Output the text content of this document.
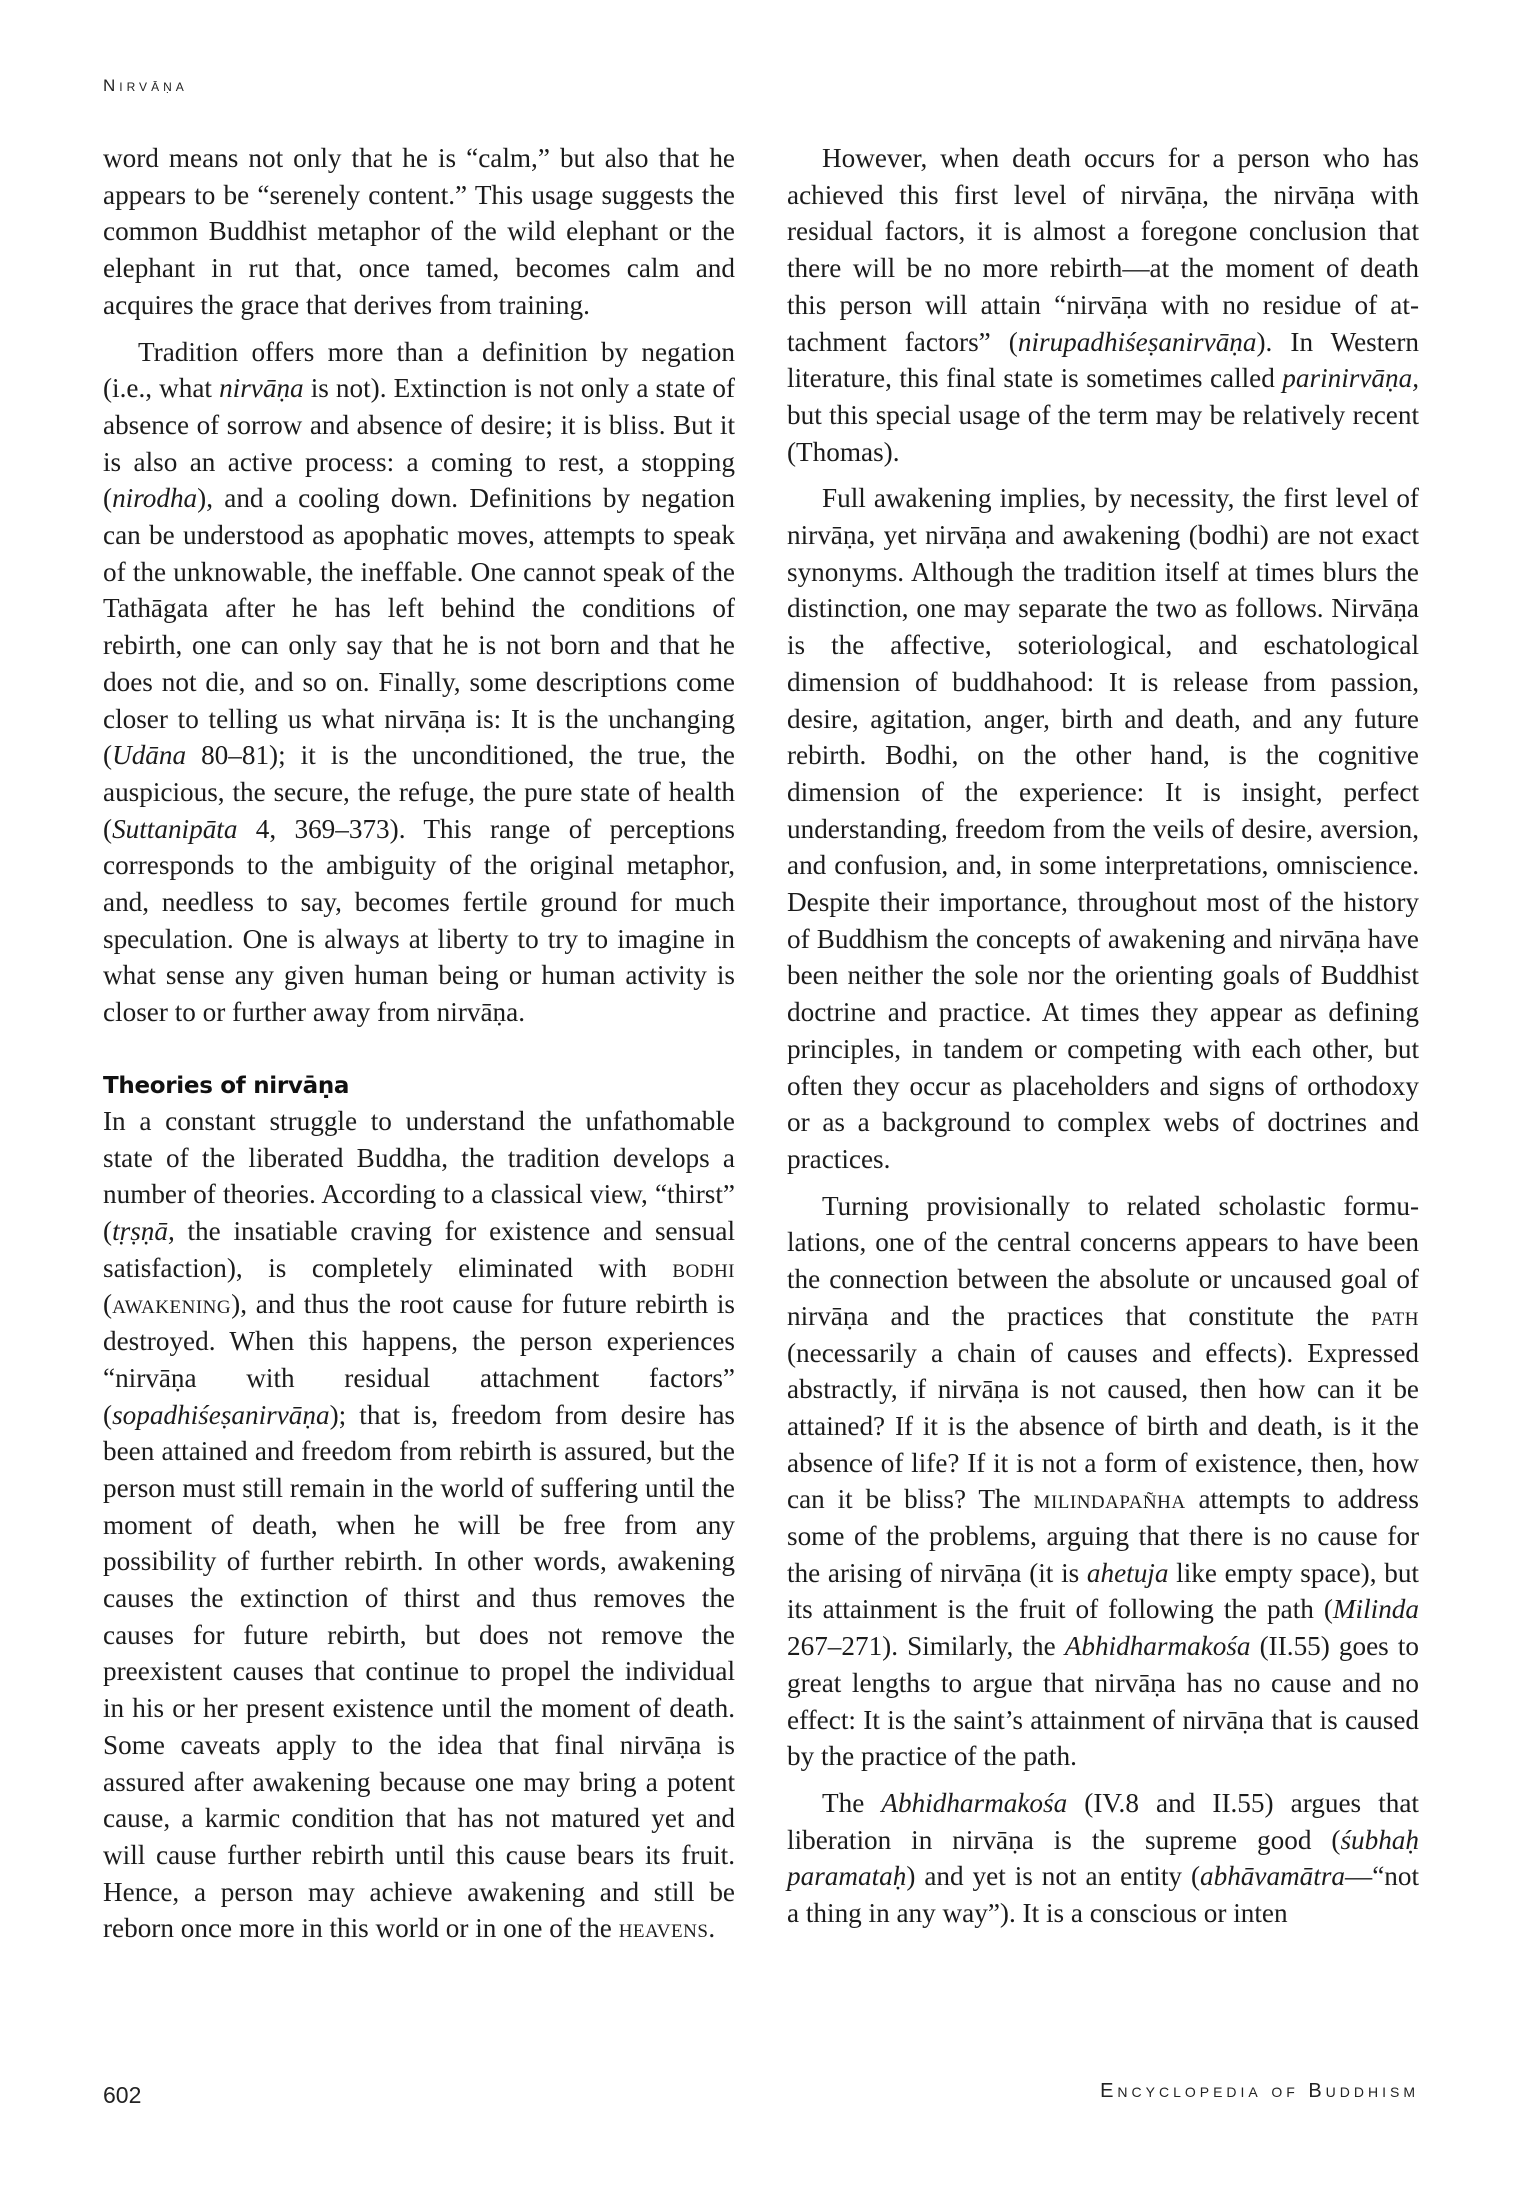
Nirvāṇa

word means not only that he is “calm,” but also that he appears to be “serenely content.” This usage suggests the common Buddhist metaphor of the wild elephant or the elephant in rut that, once tamed, becomes calm and acquires the grace that derives from training.

Tradition offers more than a definition by negation (i.e., what nirvāṇa is not). Extinction is not only a state of absence of sorrow and absence of desire; it is bliss. But it is also an active process: a coming to rest, a stopping (nirodha), and a cooling down. Definitions by negation can be understood as apophatic moves, attempts to speak of the unknowable, the ineffable. One cannot speak of the Tathāgata after he has left behind the conditions of rebirth, one can only say that he is not born and that he does not die, and so on. Finally, some descriptions come closer to telling us what nirvāṇa is: It is the unchanging (Udāna 80–81); it is the unconditioned, the true, the auspicious, the secure, the refuge, the pure state of health (Suttanipāta 4, 369–373). This range of perceptions corresponds to the ambiguity of the original metaphor, and, needless to say, becomes fertile ground for much speculation. One is always at liberty to try to imagine in what sense any given human being or human activity is closer to or further away from nirvāṇa.

Theories of nirvāṇa

In a constant struggle to understand the unfathomable state of the liberated Buddha, the tradition develops a number of theories. According to a classical view, “thirst” (tṛṣṇā, the insatiable craving for existence and sensual satisfaction), is completely eliminated with bodhi (awakening), and thus the root cause for future rebirth is destroyed. When this happens, the person experiences “nirvāṇa with residual attachment factors” (sopadhiśeṣanirvāṇa); that is, freedom from desire has been attained and freedom from rebirth is assured, but the person must still remain in the world of suffering until the moment of death, when he will be free from any possibility of further rebirth. In other words, awakening causes the extinction of thirst and thus removes the causes for future rebirth, but does not remove the preexistent causes that continue to propel the individual in his or her present existence until the moment of death. Some caveats apply to the idea that final nirvāṇa is assured after awakening because one may bring a potent cause, a karmic condition that has not matured yet and will cause further rebirth until this cause bears its fruit. Hence, a person may achieve awakening and still be reborn once more in this world or in one of the heavens.

However, when death occurs for a person who has achieved this first level of nirvāṇa, the nirvāṇa with residual factors, it is almost a foregone conclusion that there will be no more rebirth—at the moment of death this person will attain “nirvāṇa with no residue of attachment factors” (nirupadhiśeṣanirvāṇa). In Western literature, this final state is sometimes called parinirvāṇa, but this special usage of the term may be relatively recent (Thomas).

Full awakening implies, by necessity, the first level of nirvāṇa, yet nirvāṇa and awakening (bodhi) are not exact synonyms. Although the tradition itself at times blurs the distinction, one may separate the two as follows. Nirvāṇa is the affective, soteriological, and eschatological dimension of buddhahood: It is release from passion, desire, agitation, anger, birth and death, and any future rebirth. Bodhi, on the other hand, is the cognitive dimension of the experience: It is insight, perfect understanding, freedom from the veils of desire, aversion, and confusion, and, in some interpretations, omniscience. Despite their importance, throughout most of the history of Buddhism the concepts of awakening and nirvāṇa have been neither the sole nor the orienting goals of Buddhist doctrine and practice. At times they appear as defining principles, in tandem or competing with each other, but often they occur as placeholders and signs of orthodoxy or as a background to complex webs of doctrines and practices.

Turning provisionally to related scholastic formulations, one of the central concerns appears to have been the connection between the absolute or uncaused goal of nirvāṇa and the practices that constitute the path (necessarily a chain of causes and effects). Expressed abstractly, if nirvāṇa is not caused, then how can it be attained? If it is the absence of birth and death, is it the absence of life? If it is not a form of existence, then, how can it be bliss? The milindapañha attempts to address some of the problems, arguing that there is no cause for the arising of nirvāṇa (it is ahetuja like empty space), but its attainment is the fruit of following the path (Milinda 267–271). Similarly, the Abhidharmakośa (II.55) goes to great lengths to argue that nirvāṇa has no cause and no effect: It is the saint’s attainment of nirvāṇa that is caused by the practice of the path.

The Abhidharmakośa (IV.8 and II.55) argues that liberation in nirvāṇa is the supreme good (śubhaḥ paramataḥ) and yet is not an entity (abhāvamātra—“not a thing in any way”). It is a conscious or inten

602	Encyclopedia of Buddhism
